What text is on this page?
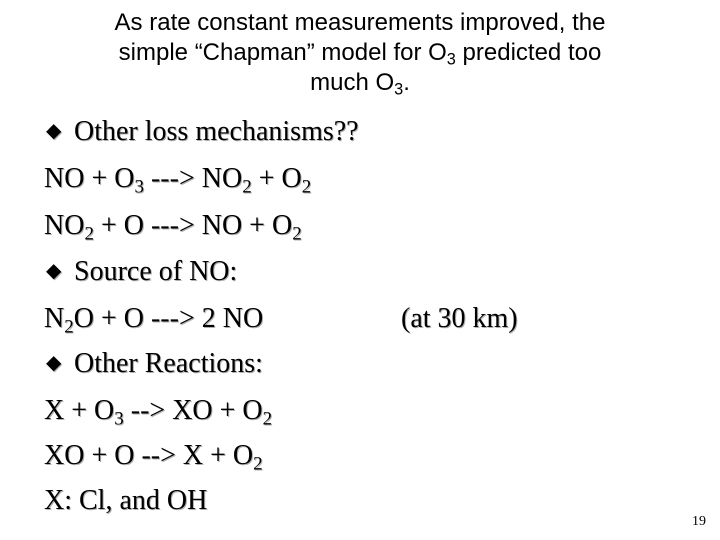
As rate constant measurements improved, the
simple “Chapman” model for $O_3$ predicted too
much $O_3$.
◆ Other loss mechanisms??
NO + $O_3$ ---> $NO_2 + O_2$
$NO_2 + O$ ---> NO + $O_2$
◆ Source of NO:
$N_2O + O$ ---> 2 NO	(at 30 km)
◆ Other Reactions:
$X + O_3$ --> XO + $O_2$
XO + O --> $X + O_2$
X: Cl, and OH
19
